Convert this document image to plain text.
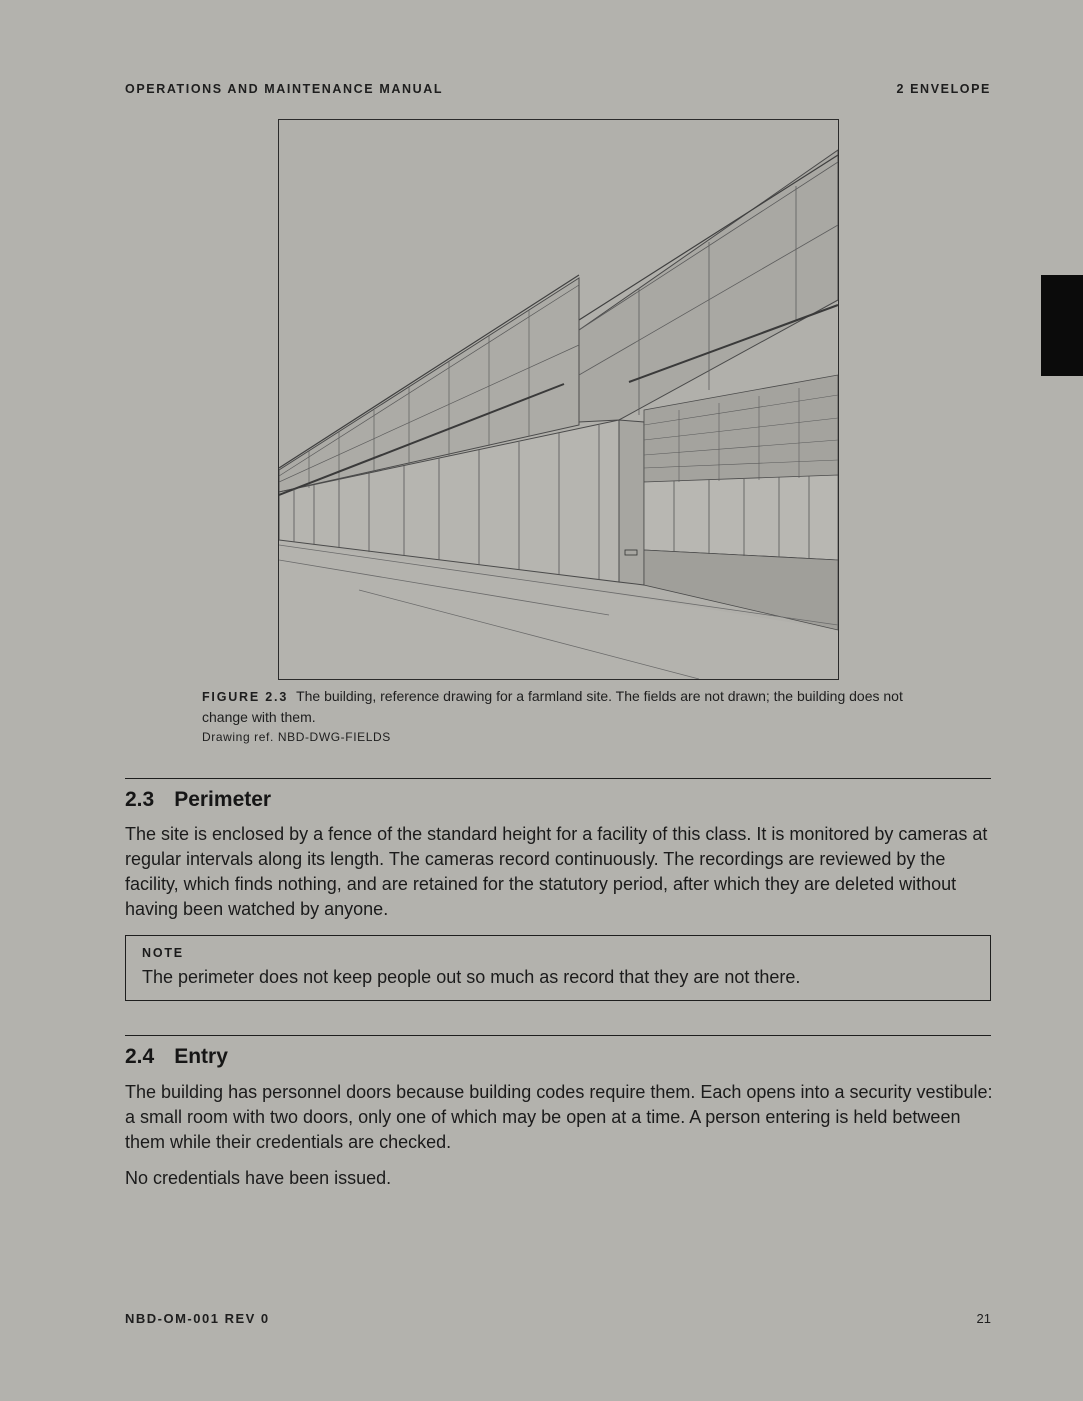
OPERATIONS AND MAINTENANCE MANUAL	2 ENVELOPE
FIGURE 2.3 The building, reference drawing for a farmland site. The fields are not drawn; the building does not change with them.
Drawing ref. NBD-DWG-FIELDS
2.3 Perimeter

The site is enclosed by a fence of the standard height for a facility of this class. It is monitored by cameras at regular intervals along its length. The cameras record continuously. The recordings are reviewed by the facility, which finds nothing, and are retained for the statutory period, after which they are deleted without having been watched by anyone.

NOTE
The perimeter does not keep people out so much as record that they are not there.
2.4 Entry

The building has personnel doors because building codes require them. Each opens into a security vestibule: a small room with two doors, only one of which may be open at a time. A person entering is held between them while their credentials are checked.

No credentials have been issued.

NBD-OM-001 REV 0	21
